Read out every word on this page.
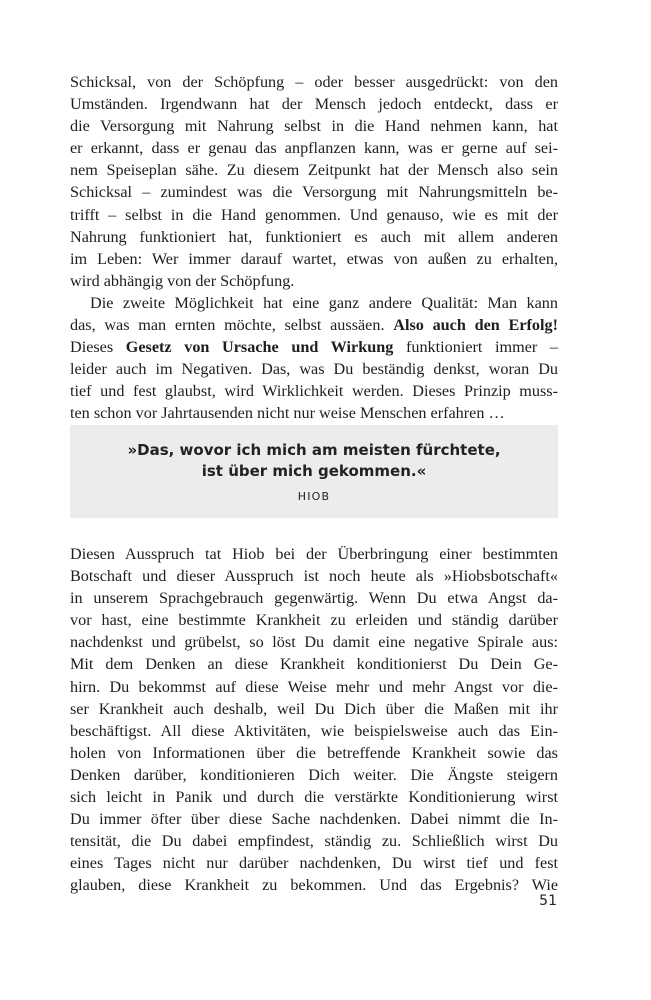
Schicksal, von der Schöpfung – oder besser ausgedrückt: von den
Umständen. Irgendwann hat der Mensch jedoch entdeckt, dass er
die Versorgung mit Nahrung selbst in die Hand nehmen kann, hat
er erkannt, dass er genau das anpflanzen kann, was er gerne auf sei-
nem Speiseplan sähe. Zu diesem Zeitpunkt hat der Mensch also sein
Schicksal – zumindest was die Versorgung mit Nahrungsmitteln be-
trifft – selbst in die Hand genommen. Und genauso, wie es mit der
Nahrung funktioniert hat, funktioniert es auch mit allem anderen
im Leben: Wer immer darauf wartet, etwas von außen zu erhalten,
wird abhängig von der Schöpfung.
Die zweite Möglichkeit hat eine ganz andere Qualität: Man kann
das, was man ernten möchte, selbst aussäen. Also auch den Erfolg!
Dieses Gesetz von Ursache und Wirkung funktioniert immer –
leider auch im Negativen. Das, was Du beständig denkst, woran Du
tief und fest glaubst, wird Wirklichkeit werden. Dieses Prinzip muss-
ten schon vor Jahrtausenden nicht nur weise Menschen erfahren …
»Das, wovor ich mich am meisten fürchtete,
ist über mich gekommen.«
HIOB
Diesen Ausspruch tat Hiob bei der Überbringung einer bestimmten
Botschaft und dieser Ausspruch ist noch heute als »Hiobsbotschaft«
in unserem Sprachgebrauch gegenwärtig. Wenn Du etwa Angst da-
vor hast, eine bestimmte Krankheit zu erleiden und ständig darüber
nachdenkst und grübelst, so löst Du damit eine negative Spirale aus:
Mit dem Denken an diese Krankheit konditionierst Du Dein Ge-
hirn. Du bekommst auf diese Weise mehr und mehr Angst vor die-
ser Krankheit auch deshalb, weil Du Dich über die Maßen mit ihr
beschäftigst. All diese Aktivitäten, wie beispielsweise auch das Ein-
holen von Informationen über die betreffende Krankheit sowie das
Denken darüber, konditionieren Dich weiter. Die Ängste steigern
sich leicht in Panik und durch die verstärkte Konditionierung wirst
Du immer öfter über diese Sache nachdenken. Dabei nimmt die In-
tensität, die Du dabei empfindest, ständig zu. Schließlich wirst Du
eines Tages nicht nur darüber nachdenken, Du wirst tief und fest
glauben, diese Krankheit zu bekommen. Und das Ergebnis? Wie
51
